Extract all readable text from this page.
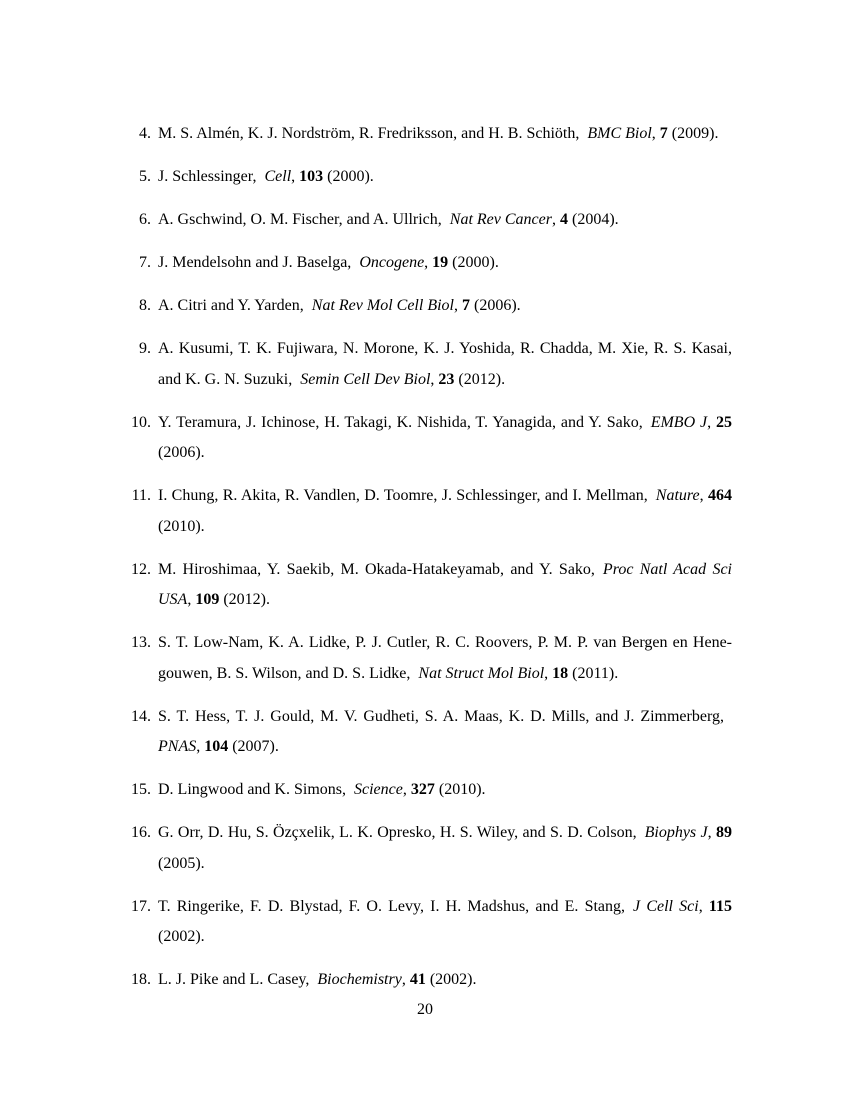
4. M. S. Almén, K. J. Nordström, R. Fredriksson, and H. B. Schiöth, BMC Biol, 7 (2009).
5. J. Schlessinger, Cell, 103 (2000).
6. A. Gschwind, O. M. Fischer, and A. Ullrich, Nat Rev Cancer, 4 (2004).
7. J. Mendelsohn and J. Baselga, Oncogene, 19 (2000).
8. A. Citri and Y. Yarden, Nat Rev Mol Cell Biol, 7 (2006).
9. A. Kusumi, T. K. Fujiwara, N. Morone, K. J. Yoshida, R. Chadda, M. Xie, R. S. Kasai, and K. G. N. Suzuki, Semin Cell Dev Biol, 23 (2012).
10. Y. Teramura, J. Ichinose, H. Takagi, K. Nishida, T. Yanagida, and Y. Sako, EMBO J, 25 (2006).
11. I. Chung, R. Akita, R. Vandlen, D. Toomre, J. Schlessinger, and I. Mellman, Nature, 464 (2010).
12. M. Hiroshimaa, Y. Saekib, M. Okada-Hatakeyamab, and Y. Sako, Proc Natl Acad Sci USA, 109 (2012).
13. S. T. Low-Nam, K. A. Lidke, P. J. Cutler, R. C. Roovers, P. M. P. van Bergen en Henegouwen, B. S. Wilson, and D. S. Lidke, Nat Struct Mol Biol, 18 (2011).
14. S. T. Hess, T. J. Gould, M. V. Gudheti, S. A. Maas, K. D. Mills, and J. Zimmerberg, PNAS, 104 (2007).
15. D. Lingwood and K. Simons, Science, 327 (2010).
16. G. Orr, D. Hu, S. Özçxelik, L. K. Opresko, H. S. Wiley, and S. D. Colson, Biophys J, 89 (2005).
17. T. Ringerike, F. D. Blystad, F. O. Levy, I. H. Madshus, and E. Stang, J Cell Sci, 115 (2002).
18. L. J. Pike and L. Casey, Biochemistry, 41 (2002).
20
